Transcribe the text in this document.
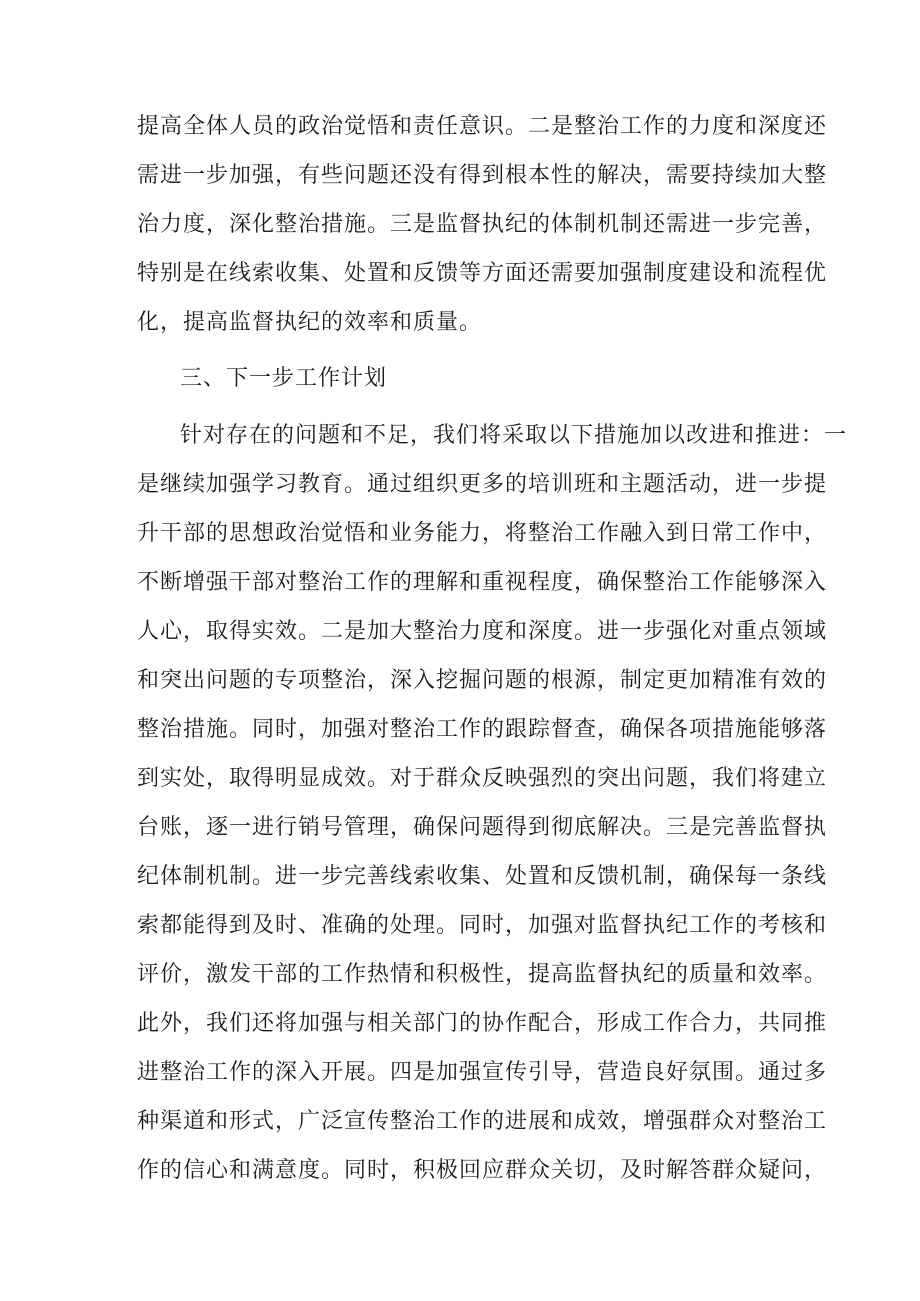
提高全体人员的政治觉悟和责任意识。二是整治工作的力度和深度还
需进一步加强，有些问题还没有得到根本性的解决，需要持续加大整
治力度，深化整治措施。三是监督执纪的体制机制还需进一步完善，
特别是在线索收集、处置和反馈等方面还需要加强制度建设和流程优
化，提高监督执纪的效率和质量。
三、下一步工作计划
针对存在的问题和不足，我们将采取以下措施加以改进和推进：一
是继续加强学习教育。通过组织更多的培训班和主题活动，进一步提
升干部的思想政治觉悟和业务能力，将整治工作融入到日常工作中，
不断增强干部对整治工作的理解和重视程度，确保整治工作能够深入
人心，取得实效。二是加大整治力度和深度。进一步强化对重点领域
和突出问题的专项整治，深入挖掘问题的根源，制定更加精准有效的
整治措施。同时，加强对整治工作的跟踪督查，确保各项措施能够落
到实处，取得明显成效。对于群众反映强烈的突出问题，我们将建立
台账，逐一进行销号管理，确保问题得到彻底解决。三是完善监督执
纪体制机制。进一步完善线索收集、处置和反馈机制，确保每一条线
索都能得到及时、准确的处理。同时，加强对监督执纪工作的考核和
评价，激发干部的工作热情和积极性，提高监督执纪的质量和效率。
此外，我们还将加强与相关部门的协作配合，形成工作合力，共同推
进整治工作的深入开展。四是加强宣传引导，营造良好氛围。通过多
种渠道和形式，广泛宣传整治工作的进展和成效，增强群众对整治工
作的信心和满意度。同时，积极回应群众关切，及时解答群众疑问，
